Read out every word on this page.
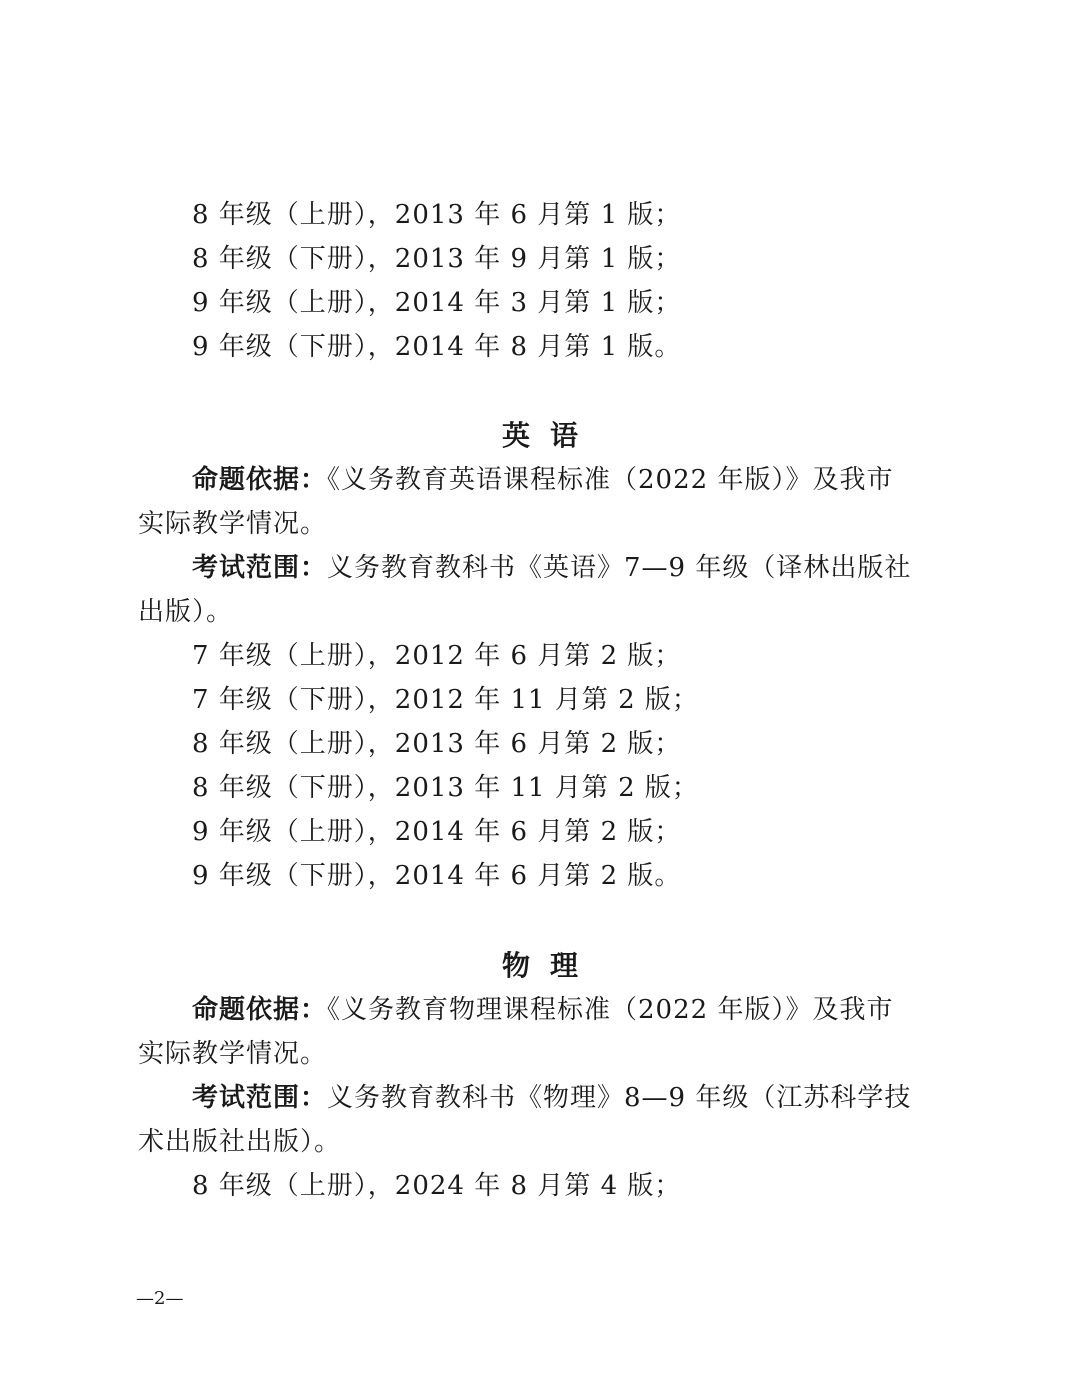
8 年级（上册），2013 年 6 月第 1 版；
8 年级（下册），2013 年 9 月第 1 版；
9 年级（上册），2014 年 3 月第 1 版；
9 年级（下册），2014 年 8 月第 1 版。
英语
命题依据：《义务教育英语课程标准（2022 年版）》及我市
实际教学情况。
考试范围：义务教育教科书《英语》7—9 年级（译林出版社
出版）。
7 年级（上册），2012 年 6 月第 2 版；
7 年级（下册），2012 年 11 月第 2 版；
8 年级（上册），2013 年 6 月第 2 版；
8 年级（下册），2013 年 11 月第 2 版；
9 年级（上册），2014 年 6 月第 2 版；
9 年级（下册），2014 年 6 月第 2 版。
物理
命题依据：《义务教育物理课程标准（2022 年版）》及我市
实际教学情况。
考试范围：义务教育教科书《物理》8—9 年级（江苏科学技
术出版社出版）。
8 年级（上册），2024 年 8 月第 4 版；
—2—
